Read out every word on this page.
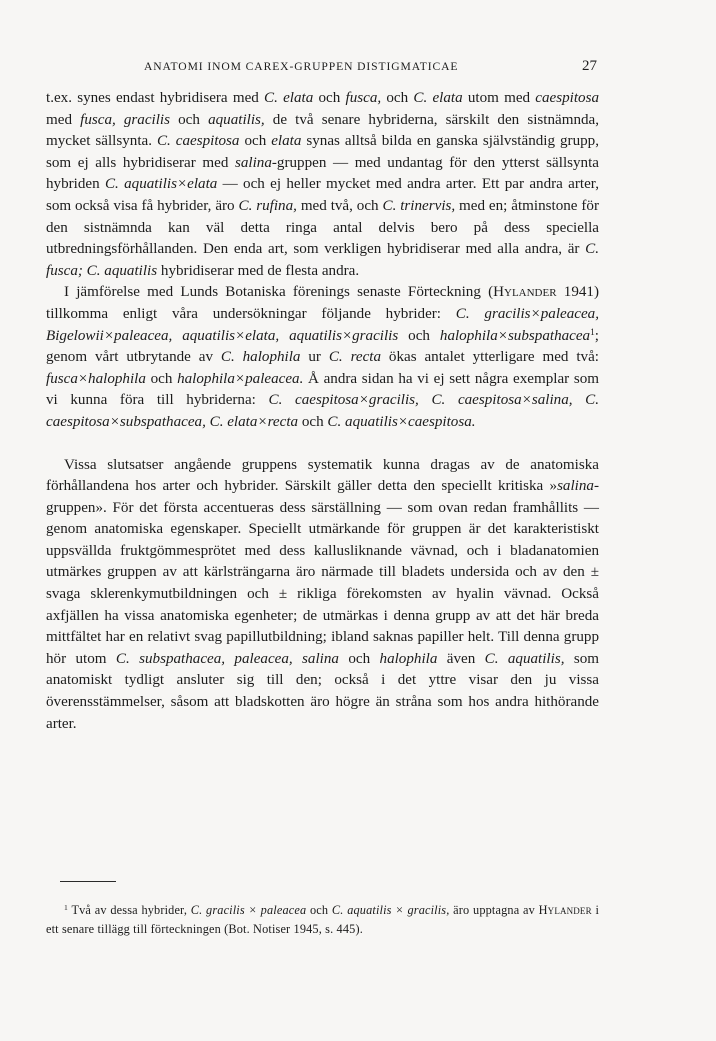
ANATOMI INOM CAREX-GRUPPEN DISTIGMATICAE	27

t.ex. synes endast hybridisera med C. elata och fusca, och C. elata utom med caespitosa med fusca, gracilis och aquatilis, de två senare hybriderna, särskilt den sistnämnda, mycket sällsynta. C. caespitosa och elata synas alltså bilda en ganska självständig grupp, som ej alls hybridiserar med salina-gruppen — med undantag för den ytterst sällsynta hybriden C. aquatilis×elata — och ej heller mycket med andra arter. Ett par andra arter, som också visa få hybrider, äro C. rufina, med två, och C. trinervis, med en; åtminstone för den sistnämnda kan väl detta ringa antal delvis bero på dess speciella utbredningsförhållanden. Den enda art, som verkligen hybridiserar med alla andra, är C. fusca; C. aquatilis hybridiserar med de flesta andra.

I jämförelse med Lunds Botaniska förenings senaste Förteckning (Hylander 1941) tillkomma enligt våra undersökningar följande hybrider: C. gracilis×paleacea, Bigelowii×paleacea, aquatilis×elata, aquatilis×gracilis och halophila×subspathacea$^1$; genom vårt utbrytande av C. halophila ur C. recta ökas antalet ytterligare med två: fusca×halophila och halophila×paleacea. Å andra sidan ha vi ej sett några exemplar som vi kunna föra till hybriderna: C. caespitosa×gracilis, C. caespitosa×salina, C. caespitosa×subspathacea, C. elata×recta och C. aquatilis×caespitosa.

Vissa slutsatser angående gruppens systematik kunna dragas av de anatomiska förhållandena hos arter och hybrider. Särskilt gäller detta den speciellt kritiska »salina-gruppen». För det första accentueras dess särställning — som ovan redan framhållits — genom anatomiska egenskaper. Speciellt utmärkande för gruppen är det karakteristiskt uppsvällda fruktgömmesprötet med dess kallusliknande vävnad, och i bladanatomien utmärkes gruppen av att kärlsträngarna äro närmade till bladets undersida och av den ± svaga sklerenkymutbildningen och ± rikliga förekomsten av hyalin vävnad. Också axfjällen ha vissa anatomiska egenheter; de utmärkas i denna grupp av att det här breda mittfältet har en relativt svag papillutbildning; ibland saknas papiller helt. Till denna grupp hör utom C. subspathacea, paleacea, salina och halophila även C. aquatilis, som anatomiskt tydligt ansluter sig till den; också i det yttre visar den ju vissa överensstämmelser, såsom att bladskotten äro högre än stråna som hos andra hithörande arter.

$^1$ Två av dessa hybrider, C. gracilis × paleacea och C. aquatilis × gracilis, äro upptagna av Hylander i ett senare tillägg till förteckningen (Bot. Notiser 1945, s. 445).
